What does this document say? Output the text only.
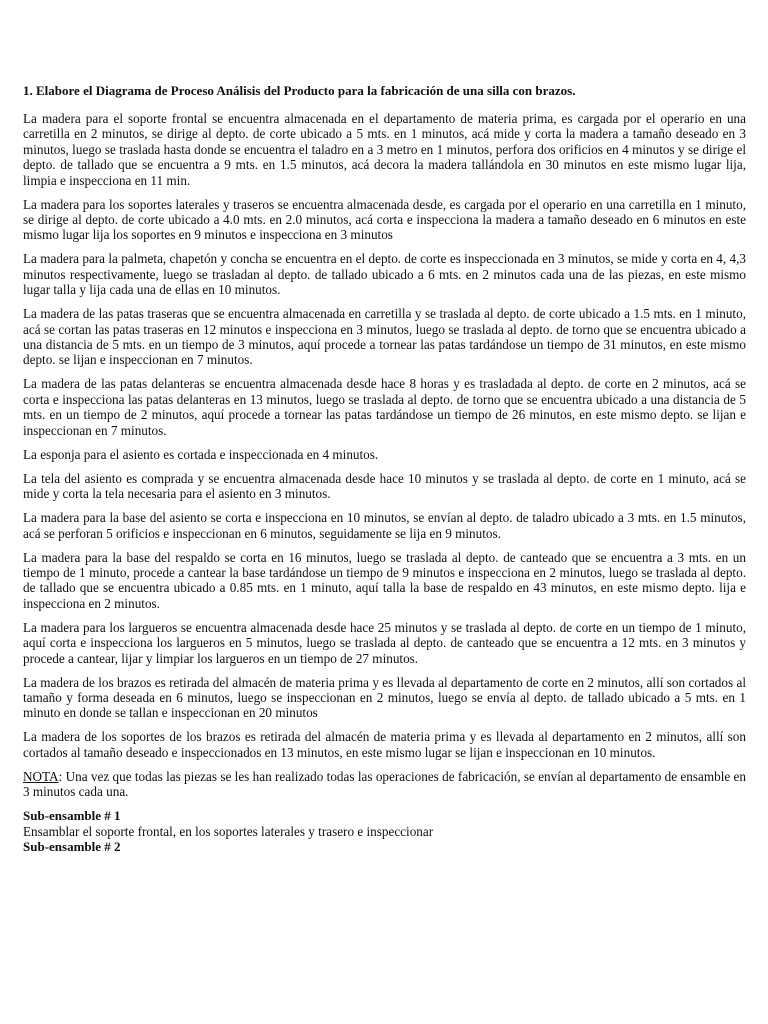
1. Elabore el Diagrama de Proceso Análisis del Producto para la fabricación de una silla con brazos.

La madera para el soporte frontal se encuentra almacenada en el departamento de materia prima, es cargada por el operario en una carretilla en 2 minutos, se dirige al depto. de corte ubicado a 5 mts. en 1 minutos, acá mide y corta la madera a tamaño deseado en 3 minutos, luego se traslada hasta donde se encuentra el taladro en a 3 metro en 1 minutos, perfora dos orificios en 4 minutos y se dirige el depto. de tallado que se encuentra a 9 mts. en 1.5 minutos, acá decora la madera tallándola en 30 minutos en este mismo lugar lija, limpia e inspecciona en 11 min.

La madera para los soportes laterales y traseros se encuentra almacenada desde, es cargada por el operario en una carretilla en 1 minuto, se dirige al depto. de corte ubicado a 4.0 mts. en 2.0 minutos, acá corta e inspecciona la madera a tamaño deseado en 6 minutos en este mismo lugar lija los soportes en 9 minutos e inspecciona en 3 minutos

La madera para la palmeta, chapetón y concha se encuentra en el depto. de corte es inspeccionada en 3 minutos, se mide y corta en 4, 4,3 minutos respectivamente, luego se trasladan al depto. de tallado ubicado a 6 mts. en 2 minutos cada una de las piezas, en este mismo lugar talla y lija cada una de ellas en 10 minutos.

La madera de las patas traseras que se encuentra almacenada en carretilla y se traslada al depto. de corte ubicado a 1.5 mts. en 1 minuto, acá se cortan las patas traseras en 12 minutos e inspecciona en 3 minutos, luego se traslada al depto. de torno que se encuentra ubicado a una distancia de 5 mts. en un tiempo de 3 minutos, aquí procede a tornear las patas tardándose un tiempo de 31 minutos, en este mismo depto. se lijan e inspeccionan en 7 minutos.

La madera de las patas delanteras se encuentra almacenada desde hace 8 horas y es trasladada al depto. de corte en 2 minutos, acá se corta e inspecciona las patas delanteras en 13 minutos, luego se traslada al depto. de torno que se encuentra ubicado a una distancia de 5 mts. en un tiempo de 2 minutos, aquí procede a tornear las patas tardándose un tiempo de 26 minutos, en este mismo depto. se lijan e inspeccionan en 7 minutos.

La esponja para el asiento es cortada e inspeccionada en 4 minutos.

La tela del asiento es comprada y se encuentra almacenada desde hace 10 minutos y se traslada al depto. de corte en 1 minuto, acá se mide y corta la tela necesaria para el asiento en 3 minutos.

La madera para la base del asiento se corta e inspecciona en 10 minutos, se envían al depto. de taladro ubicado a 3 mts. en 1.5 minutos, acá se perforan 5 orificios e inspeccionan en 6 minutos, seguidamente se lija en 9 minutos.

La madera para la base del respaldo se corta en 16 minutos, luego se traslada al depto. de canteado que se encuentra a 3 mts. en un tiempo de 1 minuto, procede a cantear la base tardándose un tiempo de 9 minutos e inspecciona en 2 minutos, luego se traslada al depto. de tallado que se encuentra ubicado a 0.85 mts. en 1 minuto, aquí talla la base de respaldo en 43 minutos, en este mismo depto. lija e inspecciona en 2 minutos.

La madera para los largueros se encuentra almacenada desde hace 25 minutos y se traslada al depto. de corte en un tiempo de 1 minuto, aquí corta e inspecciona los largueros en 5 minutos, luego se traslada al depto. de canteado que se encuentra a 12 mts. en 3 minutos y procede a cantear, lijar y limpiar los largueros en un tiempo de 27 minutos.

La madera de los brazos es retirada del almacén de materia prima y es llevada al departamento de corte en 2 minutos, allí son cortados al tamaño y forma deseada en 6 minutos, luego se inspeccionan en 2 minutos, luego se envía al depto. de tallado ubicado a 5 mts. en 1 minuto en donde se tallan e inspeccionan en 20 minutos

La madera de los soportes de los brazos es retirada del almacén de materia prima y es llevada al departamento en 2 minutos, allí son cortados al tamaño deseado e inspeccionados en 13 minutos, en este mismo lugar se lijan e inspeccionan en 10 minutos.

NOTA: Una vez que todas las piezas se les han realizado todas las operaciones de fabricación, se envían al departamento de ensamble en 3 minutos cada una.

Sub-ensamble # 1

Ensamblar el soporte frontal, en los soportes laterales y trasero e inspeccionar

Sub-ensamble # 2
